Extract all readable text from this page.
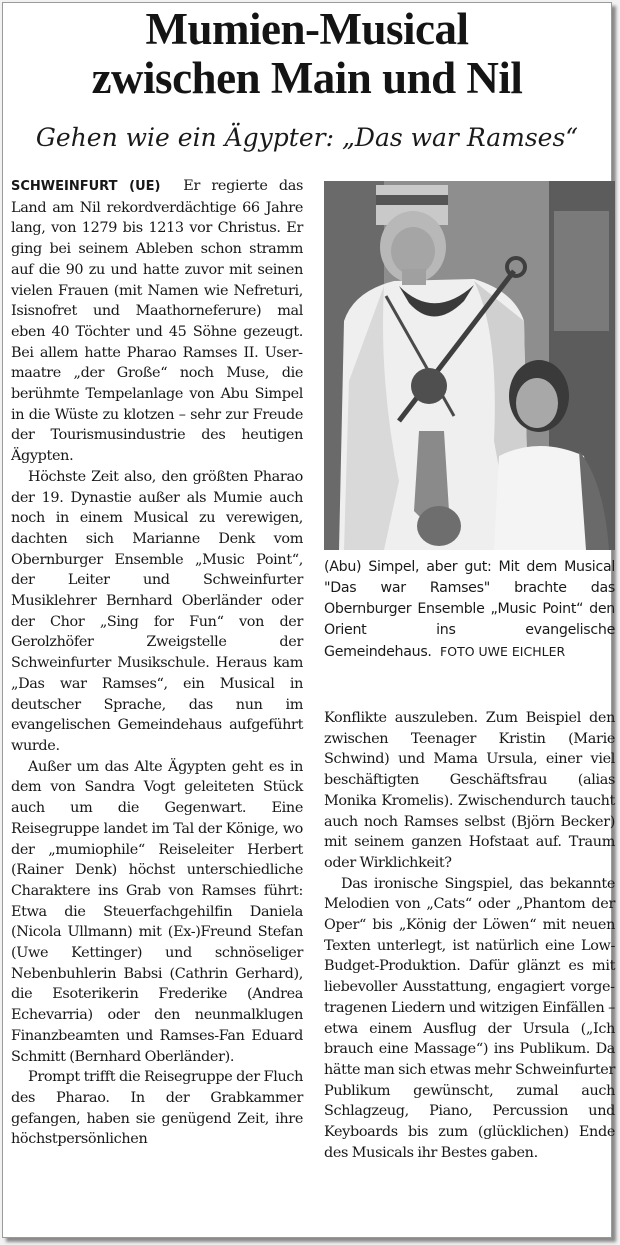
Mumien-Musical
zwischen Main und Nil

Gehen wie ein Ägypter: „Das war Ramses“

SCHWEINFURT (UE) Er regierte das Land am Nil rekordverdächtige 66 Jahre lang, von 1279 bis 1213 vor Christus. Er ging bei seinem Ableben schon stramm auf die 90 zu und hatte zuvor mit seinen vielen Frauen (mit Namen wie Nefreturi, Isisnofret und Maathorneferure) mal eben 40 Töchter und 45 Söhne gezeugt. Bei allem hatte Pharao Ramses II. Usermaatre „der Große“ noch Muse, die berühmte Tempelanlage von Abu Simpel in die Wüste zu klotzen – sehr zur Freude der Tourismusindustrie des heutigen Ägypten.

Höchste Zeit also, den größten Pharao der 19. Dynastie außer als Mumie auch noch in einem Musical zu verewigen, dachten sich Marianne Denk vom Obernburger Ensemble „Music Point“, der Leiter und Schweinfurter Musiklehrer Bernhard Oberländer oder der Chor „Sing for Fun“ von der Gerolzhöfer Zweigstelle der Schweinfurter Musikschule. Heraus kam „Das war Ramses“, ein Musical in deutscher Sprache, das nun im evangelischen Gemeindehaus aufgeführt wurde.

Außer um das Alte Ägypten geht es in dem von Sandra Vogt geleiteten Stück auch um die Gegenwart. Eine Reisegruppe landet im Tal der Könige, wo der „mumiophile“ Reiseleiter Herbert (Rainer Denk) höchst unterschiedliche Charaktere ins Grab von Ramses führt: Etwa die Steuerfachgehilfin Daniela (Nicola Ullmann) mit (Ex-)Freund Stefan (Uwe Kettinger) und schnöseliger Nebenbuhlerin Babsi (Cathrin Gerhard), die Esoterikerin Frederike (Andrea Echevarria) oder den neunmalklugen Finanzbeamten und Ramses-Fan Eduard Schmitt (Bernhard Oberländer).

Prompt trifft die Reisegruppe der Fluch des Pharao. In der Grabkammer gefangen, haben sie genügend Zeit, ihre höchstpersönlichen

(Abu) Simpel, aber gut: Mit dem Musical "Das war Ramses" brachte das Obernburger Ensemble „Music Point“ den Orient ins evangelische Gemeindehaus. FOTO UWE EICHLER

Konflikte auszuleben. Zum Beispiel den zwischen Teenager Kristin (Marie Schwind) und Mama Ursula, einer viel beschäftigten Geschäftsfrau (alias Monika Kromelis). Zwischendurch taucht auch noch Ramses selbst (Björn Becker) mit seinem ganzen Hofstaat auf. Traum oder Wirklichkeit?

Das ironische Singspiel, das bekannte Melodien von „Cats“ oder „Phantom der Oper“ bis „König der Löwen“ mit neuen Texten unterlegt, ist natürlich eine Low-Budget-Produktion. Dafür glänzt es mit liebevoller Ausstattung, engagiert vorgetragenen Liedern und witzigen Einfällen – etwa einem Ausflug der Ursula („Ich brauch eine Massage“) ins Publikum. Da hätte man sich etwas mehr Schweinfurter Publikum gewünscht, zumal auch Schlagzeug, Piano, Percussion und Keyboards bis zum (glücklichen) Ende des Musicals ihr Bestes gaben.
